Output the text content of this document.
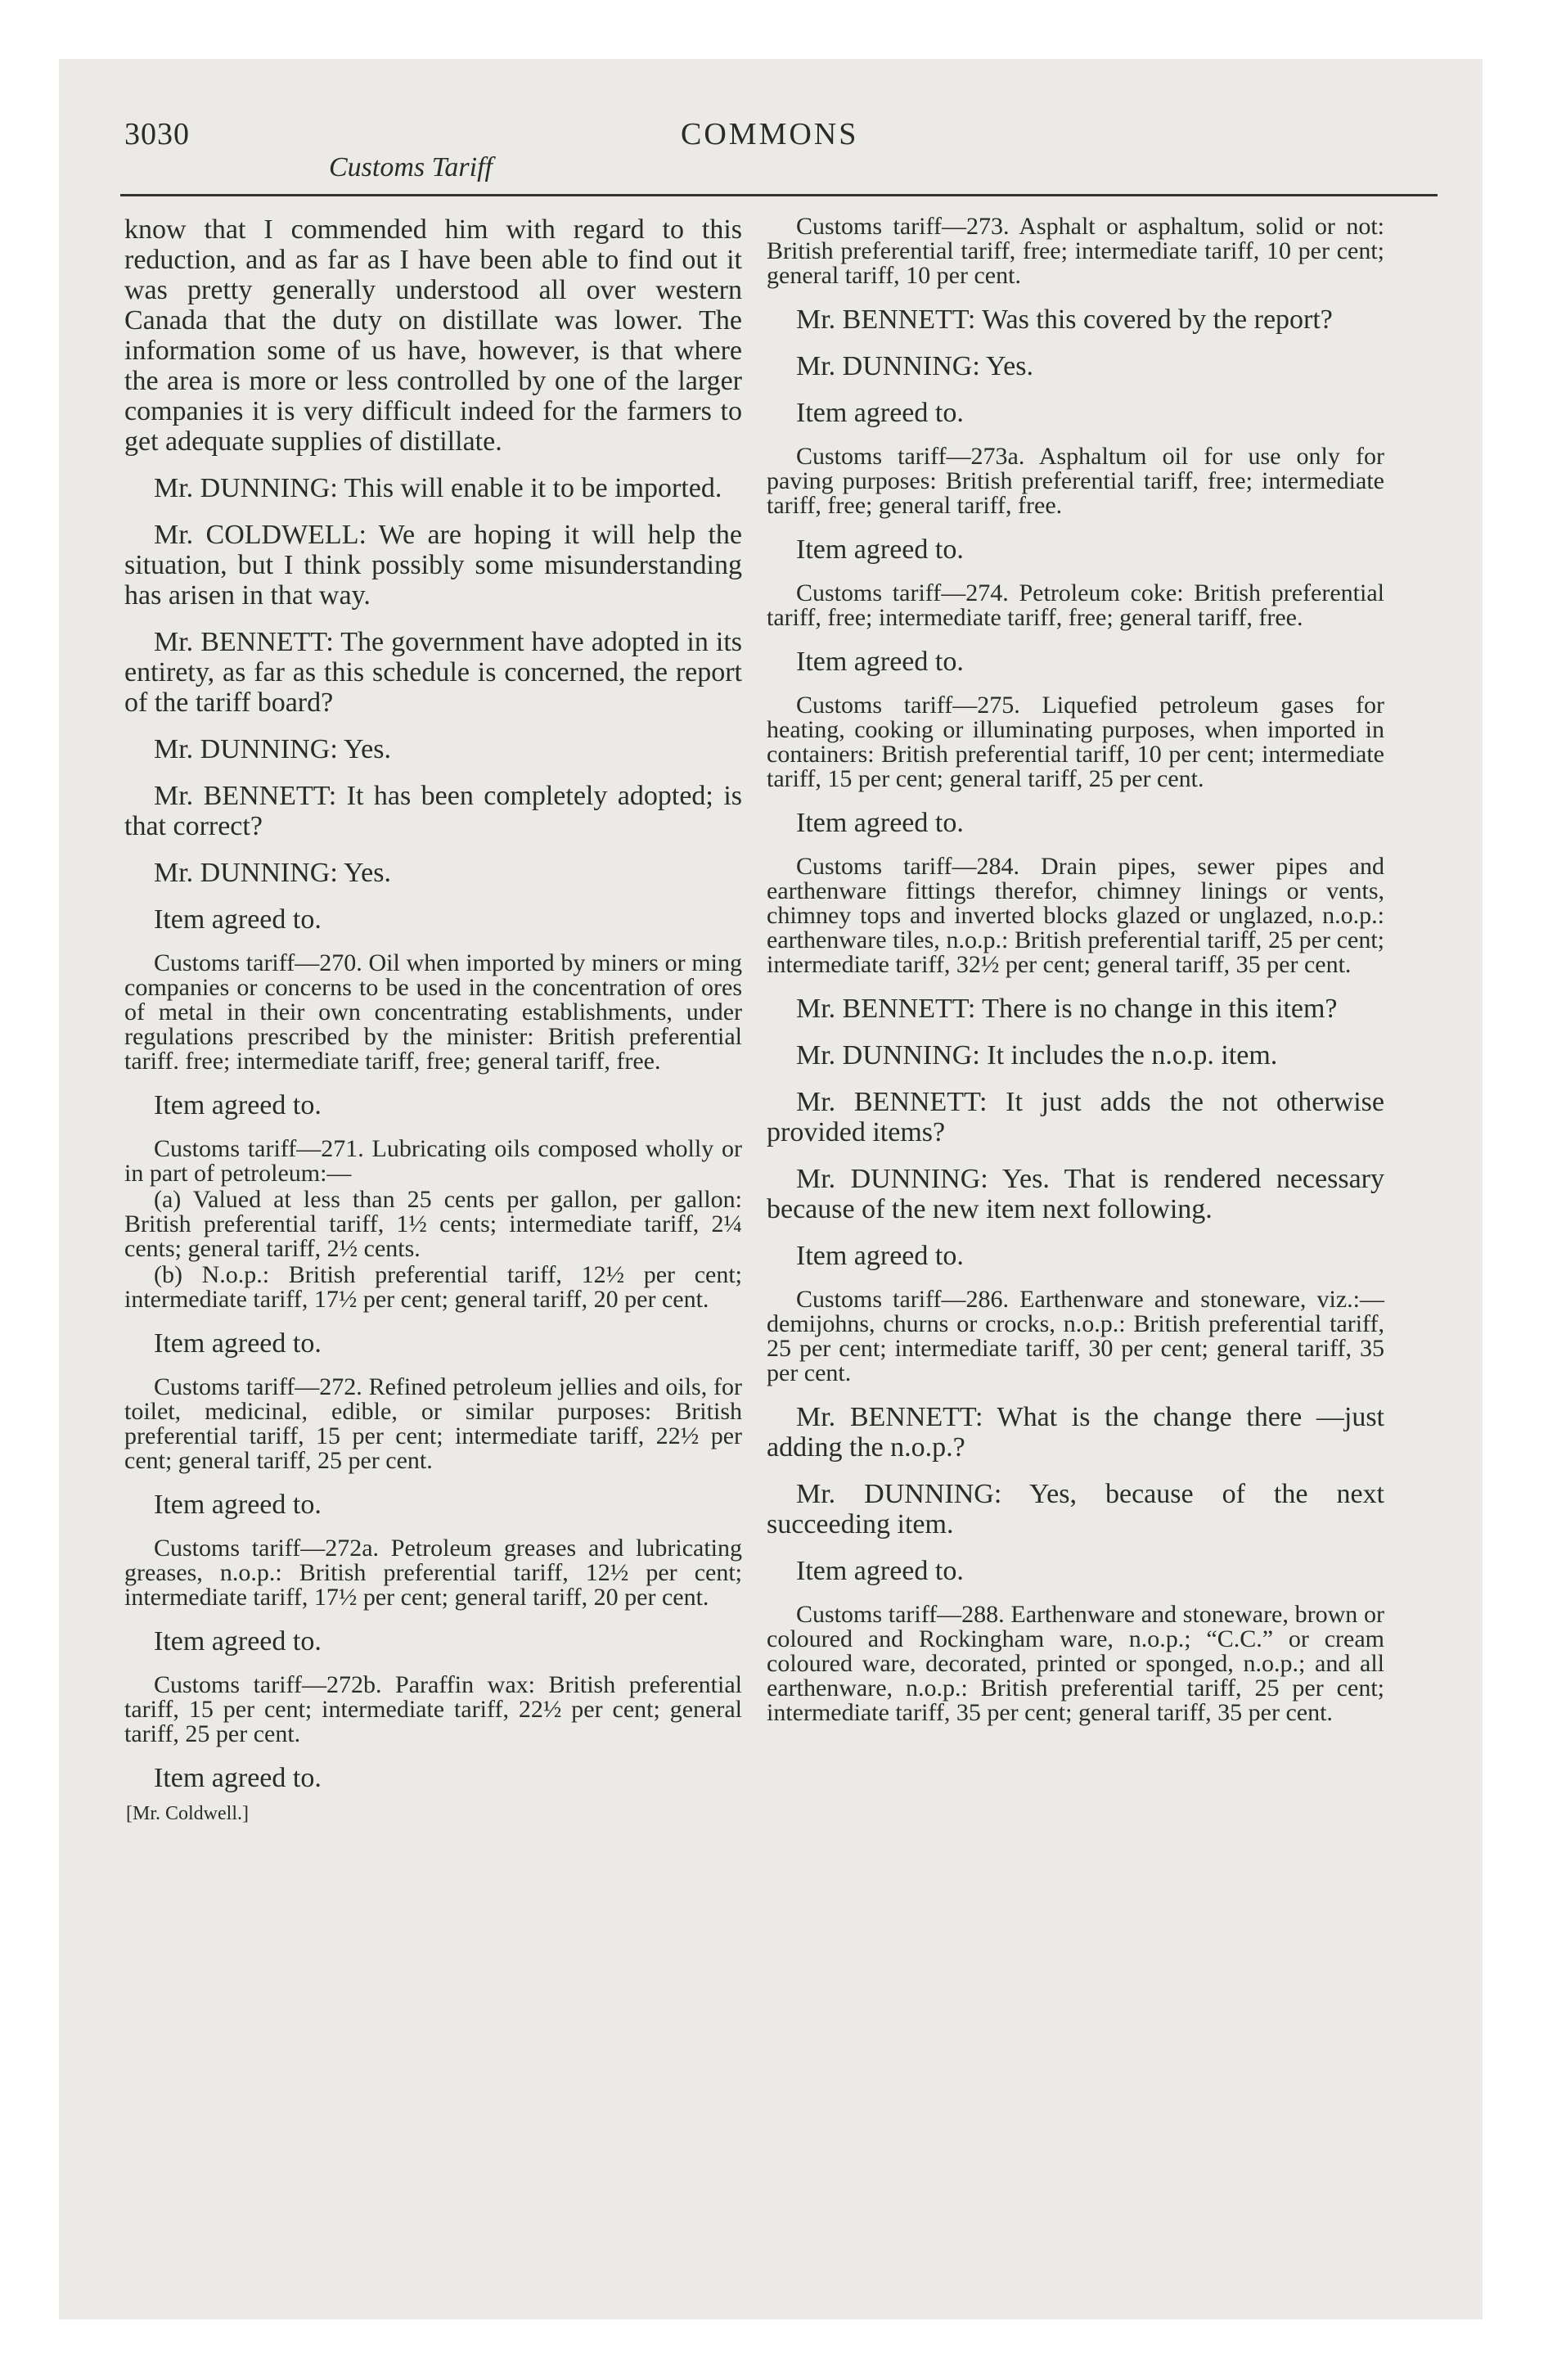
3030	COMMONS
Customs Tariff

know that I commended him with regard to this reduction, and as far as I have been able to find out it was pretty generally understood all over western Canada that the duty on distillate was lower. The information some of us have, however, is that where the area is more or less controlled by one of the larger companies it is very difficult indeed for the farmers to get adequate supplies of distillate.

Mr. DUNNING: This will enable it to be imported.

Mr. COLDWELL: We are hoping it will help the situation, but I think possibly some misunderstanding has arisen in that way.

Mr. BENNETT: The government have adopted in its entirety, as far as this schedule is concerned, the report of the tariff board?

Mr. DUNNING: Yes.

Mr. BENNETT: It has been completely adopted; is that correct?

Mr. DUNNING: Yes.

Item agreed to.

Customs tariff—270. Oil when imported by miners or ming companies or concerns to be used in the concentration of ores of metal in their own concentrating establishments, under regulations prescribed by the minister: British preferential tariff. free; intermediate tariff, free; general tariff, free.

Item agreed to.

Customs tariff—271. Lubricating oils composed wholly or in part of petroleum:—

(a) Valued at less than 25 cents per gallon, per gallon: British preferential tariff, 1½ cents; intermediate tariff, 2¼ cents; general tariff, 2½ cents.

(b) N.o.p.: British preferential tariff, 12½ per cent; intermediate tariff, 17½ per cent; general tariff, 20 per cent.

Item agreed to.

Customs tariff—272. Refined petroleum jellies and oils, for toilet, medicinal, edible, or similar purposes: British preferential tariff, 15 per cent; intermediate tariff, 22½ per cent; general tariff, 25 per cent.

Item agreed to.

Customs tariff—272a. Petroleum greases and lubricating greases, n.o.p.: British preferential tariff, 12½ per cent; intermediate tariff, 17½ per cent; general tariff, 20 per cent.

Item agreed to.

Customs tariff—272b. Paraffin wax: British preferential tariff, 15 per cent; intermediate tariff, 22½ per cent; general tariff, 25 per cent.

Item agreed to.

[Mr. Coldwell.]

Customs tariff—273. Asphalt or asphaltum, solid or not: British preferential tariff, free; intermediate tariff, 10 per cent; general tariff, 10 per cent.

Mr. BENNETT: Was this covered by the report?

Mr. DUNNING: Yes.

Item agreed to.

Customs tariff—273a. Asphaltum oil for use only for paving purposes: British preferential tariff, free; intermediate tariff, free; general tariff, free.

Item agreed to.

Customs tariff—274. Petroleum coke: British preferential tariff, free; intermediate tariff, free; general tariff, free.

Item agreed to.

Customs tariff—275. Liquefied petroleum gases for heating, cooking or illuminating purposes, when imported in containers: British preferential tariff, 10 per cent; intermediate tariff, 15 per cent; general tariff, 25 per cent.

Item agreed to.

Customs tariff—284. Drain pipes, sewer pipes and earthenware fittings therefor, chimney linings or vents, chimney tops and inverted blocks glazed or unglazed, n.o.p.: earthenware tiles, n.o.p.: British preferential tariff, 25 per cent; intermediate tariff, 32½ per cent; general tariff, 35 per cent.

Mr. BENNETT: There is no change in this item?

Mr. DUNNING: It includes the n.o.p. item.

Mr. BENNETT: It just adds the not otherwise provided items?

Mr. DUNNING: Yes. That is rendered necessary because of the new item next following.

Item agreed to.

Customs tariff—286. Earthenware and stoneware, viz.:—demijohns, churns or crocks, n.o.p.: British preferential tariff, 25 per cent; intermediate tariff, 30 per cent; general tariff, 35 per cent.

Mr. BENNETT: What is the change there —just adding the n.o.p.?

Mr. DUNNING: Yes, because of the next succeeding item.

Item agreed to.

Customs tariff—288. Earthenware and stoneware, brown or coloured and Rockingham ware, n.o.p.; “C.C.” or cream coloured ware, decorated, printed or sponged, n.o.p.; and all earthenware, n.o.p.: British preferential tariff, 25 per cent; intermediate tariff, 35 per cent; general tariff, 35 per cent.
